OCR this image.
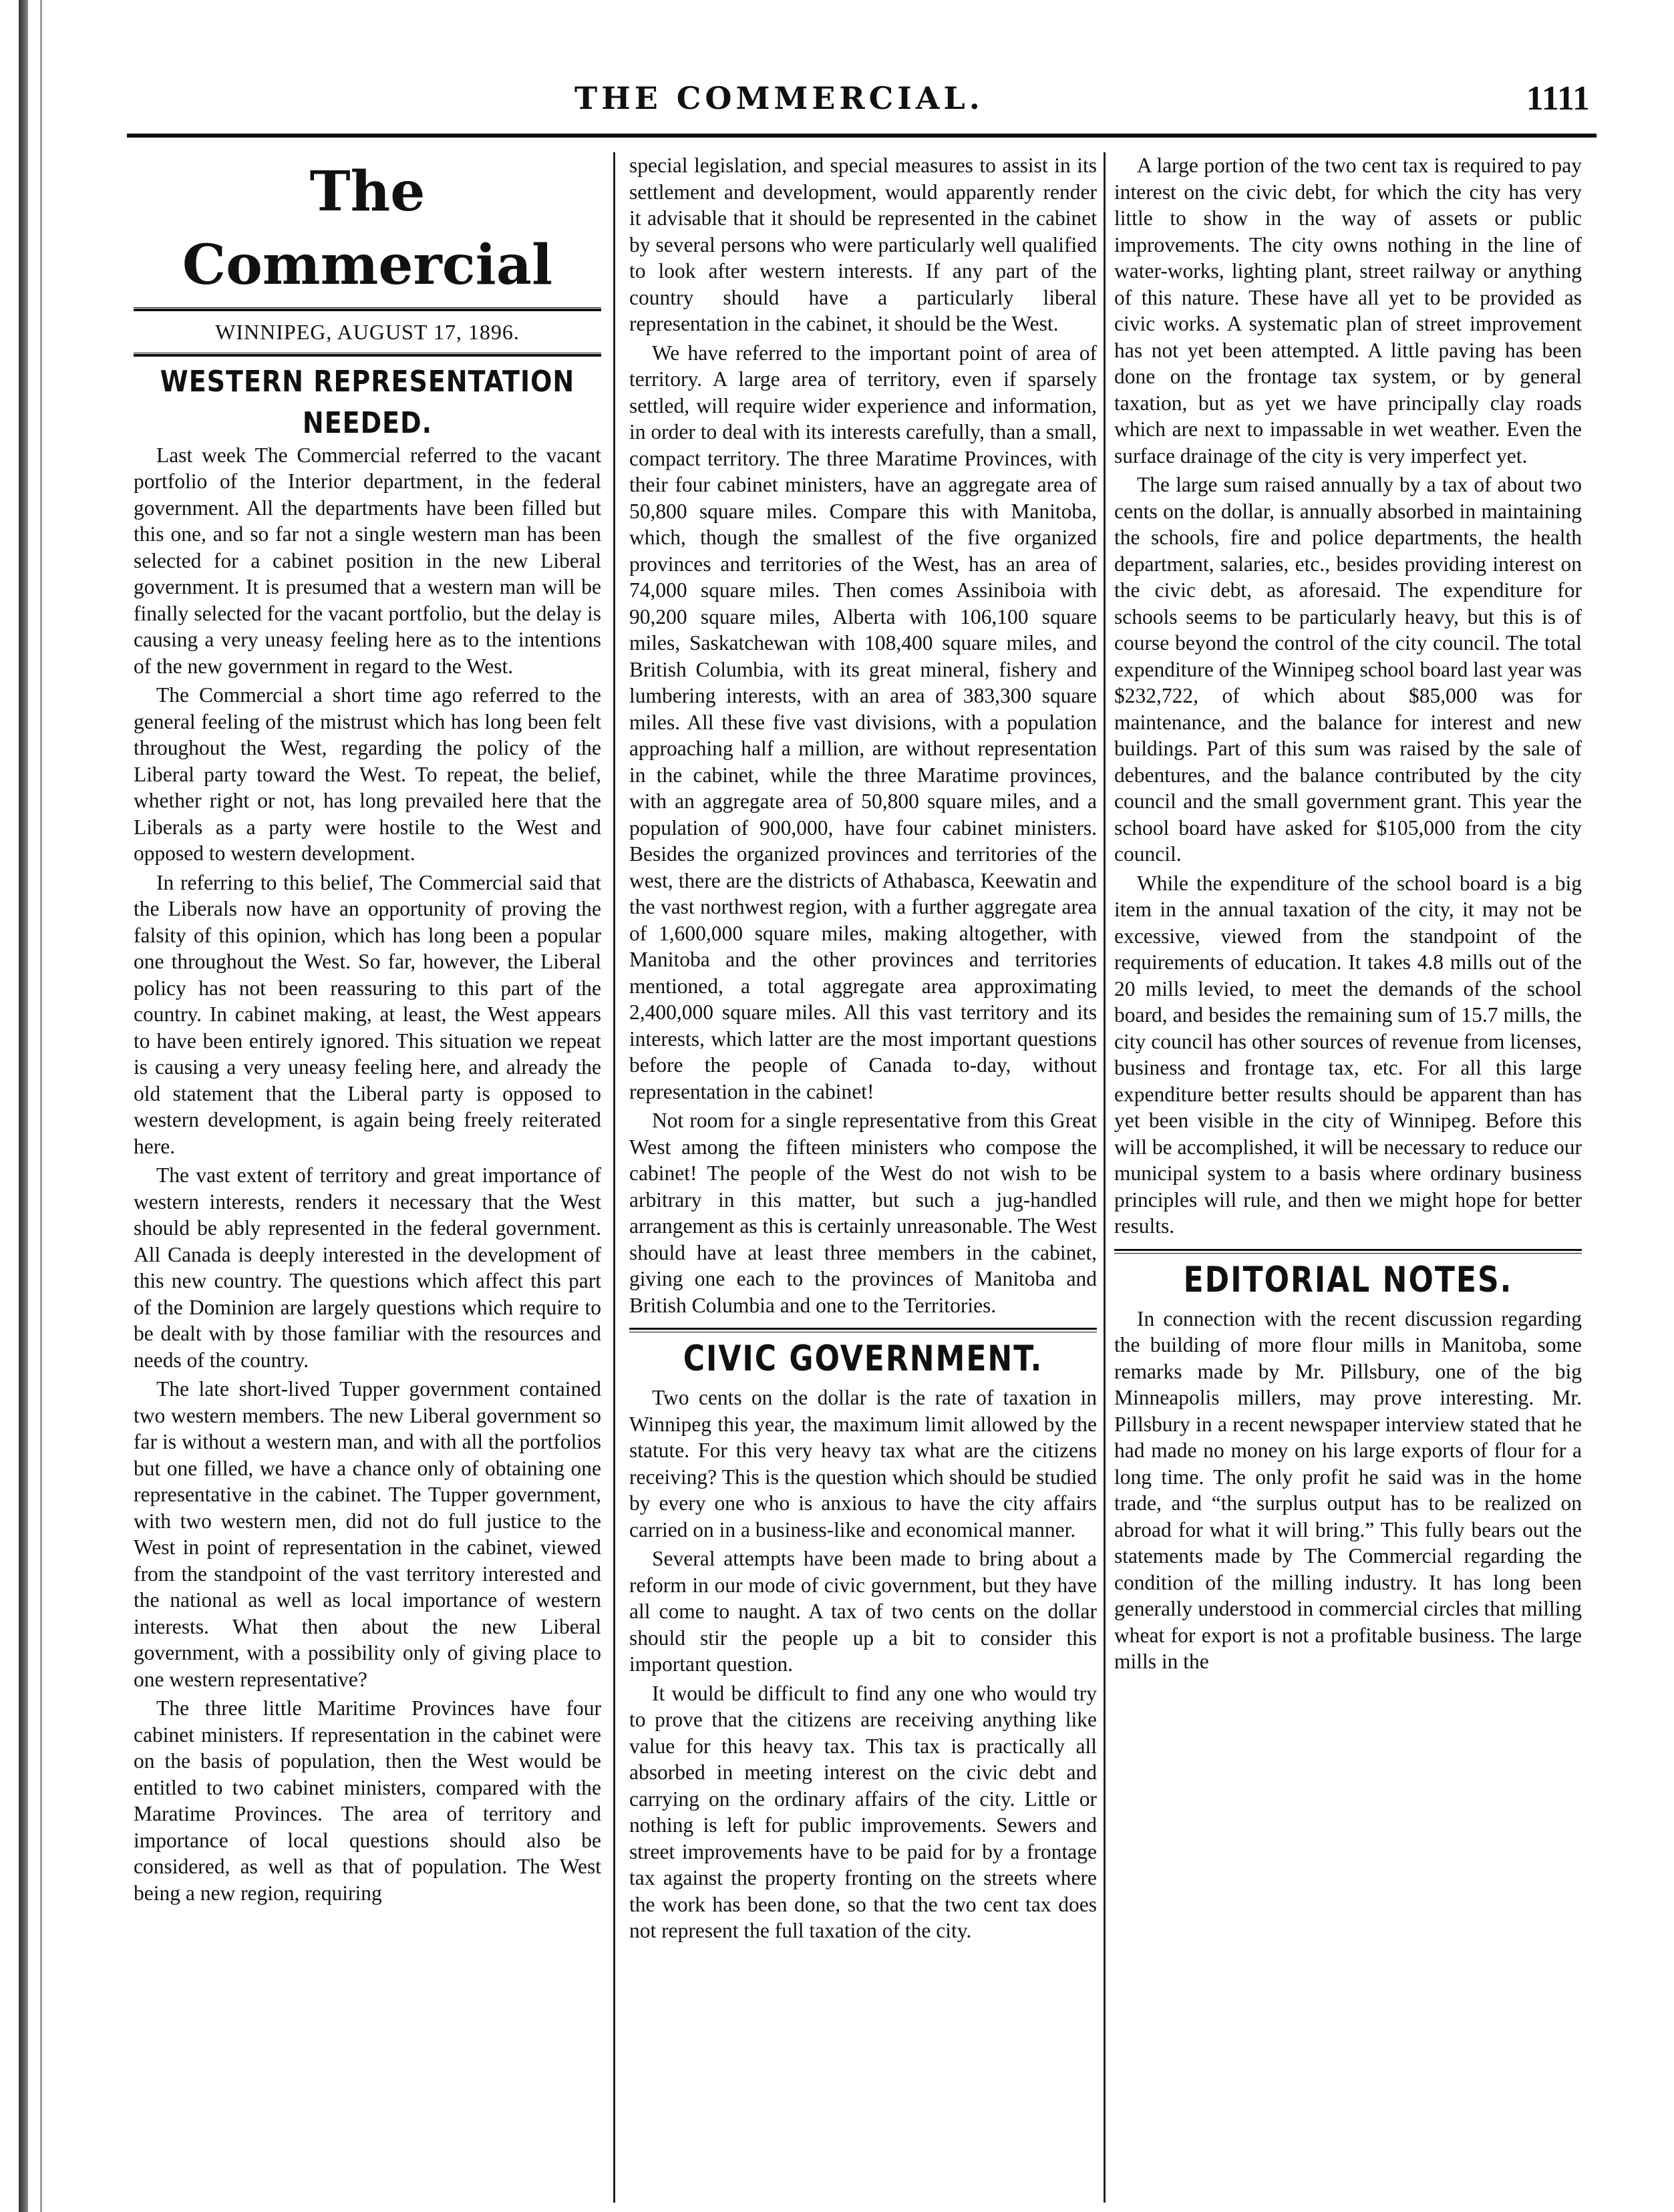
THE COMMERCIAL.	1111
The Commercial
WINNIPEG, AUGUST 17, 1896.
WESTERN REPRESENTATION NEEDED.

Last week The Commercial referred to the vacant portfolio of the Interior department, in the federal government. All the departments have been filled but this one, and so far not a single western man has been selected for a cabinet position in the new Liberal government. It is presumed that a western man will be finally selected for the vacant portfolio, but the delay is causing a very uneasy feeling here as to the intentions of the new government in regard to the West.

The Commercial a short time ago referred to the general feeling of the mistrust which has long been felt throughout the West, regarding the policy of the Liberal party toward the West. To repeat, the belief, whether right or not, has long prevailed here that the Liberals as a party were hostile to the West and opposed to western development.

In referring to this belief, The Commercial said that the Liberals now have an opportunity of proving the falsity of this opinion, which has long been a popular one throughout the West. So far, however, the Liberal policy has not been reassuring to this part of the country. In cabinet making, at least, the West appears to have been entirely ignored. This situation we repeat is causing a very uneasy feeling here, and already the old statement that the Liberal party is opposed to western development, is again being freely reiterated here.

The vast extent of territory and great importance of western interests, renders it necessary that the West should be ably represented in the federal government. All Canada is deeply interested in the development of this new country. The questions which affect this part of the Dominion are largely questions which require to be dealt with by those familiar with the resources and needs of the country.

The late short-lived Tupper government contained two western members. The new Liberal government so far is without a western man, and with all the portfolios but one filled, we have a chance only of obtaining one representative in the cabinet. The Tupper government, with two western men, did not do full justice to the West in point of representation in the cabinet, viewed from the standpoint of the vast territory interested and the national as well as local importance of western interests. What then about the new Liberal government, with a possibility only of giving place to one western representative?

The three little Maritime Provinces have four cabinet ministers. If representation in the cabinet were on the basis of population, then the West would be entitled to two cabinet ministers, compared with the Maratime Provinces. The area of territory and importance of local questions should also be considered, as well as that of population. The West being a new region, requiring

special legislation, and special measures to assist in its settlement and development, would apparently render it advisable that it should be represented in the cabinet by several persons who were particularly well qualified to look after western interests. If any part of the country should have a particularly liberal representation in the cabinet, it should be the West.

We have referred to the important point of area of territory. A large area of territory, even if sparsely settled, will require wider experience and information, in order to deal with its interests carefully, than a small, compact territory. The three Maratime Provinces, with their four cabinet ministers, have an aggregate area of 50,800 square miles. Compare this with Manitoba, which, though the smallest of the five organized provinces and territories of the West, has an area of 74,000 square miles. Then comes Assiniboia with 90,200 square miles, Alberta with 106,100 square miles, Saskatchewan with 108,400 square miles, and British Columbia, with its great mineral, fishery and lumbering interests, with an area of 383,300 square miles. All these five vast divisions, with a population approaching half a million, are without representation in the cabinet, while the three Maratime provinces, with an aggregate area of 50,800 square miles, and a population of 900,000, have four cabinet ministers. Besides the organized provinces and territories of the west, there are the districts of Athabasca, Keewatin and the vast northwest region, with a further aggregate area of 1,600,000 square miles, making altogether, with Manitoba and the other provinces and territories mentioned, a total aggregate area approximating 2,400,000 square miles. All this vast territory and its interests, which latter are the most important questions before the people of Canada to-day, without representation in the cabinet!

Not room for a single representative from this Great West among the fifteen ministers who compose the cabinet! The people of the West do not wish to be arbitrary in this matter, but such a jug-handled arrangement as this is certainly unreasonable. The West should have at least three members in the cabinet, giving one each to the provinces of Manitoba and British Columbia and one to the Territories.

CIVIC GOVERNMENT.

Two cents on the dollar is the rate of taxation in Winnipeg this year, the maximum limit allowed by the statute. For this very heavy tax what are the citizens receiving? This is the question which should be studied by every one who is anxious to have the city affairs carried on in a business-like and economical manner.

Several attempts have been made to bring about a reform in our mode of civic government, but they have all come to naught. A tax of two cents on the dollar should stir the people up a bit to consider this important question.

It would be difficult to find any one who would try to prove that the citizens are receiving anything like value for this heavy tax. This tax is practically all absorbed in meeting interest on the civic debt and carrying on the ordinary affairs of the city. Little or nothing is left for public improvements. Sewers and street improvements have to be paid for by a frontage tax against the property fronting on the streets where the work has been done, so that the two cent tax does not represent the full taxation of the city.

A large portion of the two cent tax is required to pay interest on the civic debt, for which the city has very little to show in the way of assets or public improvements. The city owns nothing in the line of water-works, lighting plant, street railway or anything of this nature. These have all yet to be provided as civic works. A systematic plan of street improvement has not yet been attempted. A little paving has been done on the frontage tax system, or by general taxation, but as yet we have principally clay roads which are next to impassable in wet weather. Even the surface drainage of the city is very imperfect yet.

The large sum raised annually by a tax of about two cents on the dollar, is annually absorbed in maintaining the schools, fire and police departments, the health department, salaries, etc., besides providing interest on the civic debt, as aforesaid. The expenditure for schools seems to be particularly heavy, but this is of course beyond the control of the city council. The total expenditure of the Winnipeg school board last year was $232,722, of which about $85,000 was for maintenance, and the balance for interest and new buildings. Part of this sum was raised by the sale of debentures, and the balance contributed by the city council and the small government grant. This year the school board have asked for $105,000 from the city council.

While the expenditure of the school board is a big item in the annual taxation of the city, it may not be excessive, viewed from the standpoint of the requirements of education. It takes 4.8 mills out of the 20 mills levied, to meet the demands of the school board, and besides the remaining sum of 15.7 mills, the city council has other sources of revenue from licenses, business and frontage tax, etc. For all this large expenditure better results should be apparent than has yet been visible in the city of Winnipeg. Before this will be accomplished, it will be necessary to reduce our municipal system to a basis where ordinary business principles will rule, and then we might hope for better results.

EDITORIAL NOTES.

In connection with the recent discussion regarding the building of more flour mills in Manitoba, some remarks made by Mr. Pillsbury, one of the big Minneapolis millers, may prove interesting. Mr. Pillsbury in a recent newspaper interview stated that he had made no money on his large exports of flour for a long time. The only profit he said was in the home trade, and “the surplus output has to be realized on abroad for what it will bring.” This fully bears out the statements made by The Commercial regarding the condition of the milling industry. It has long been generally understood in commercial circles that milling wheat for export is not a profitable business. The large mills in the
